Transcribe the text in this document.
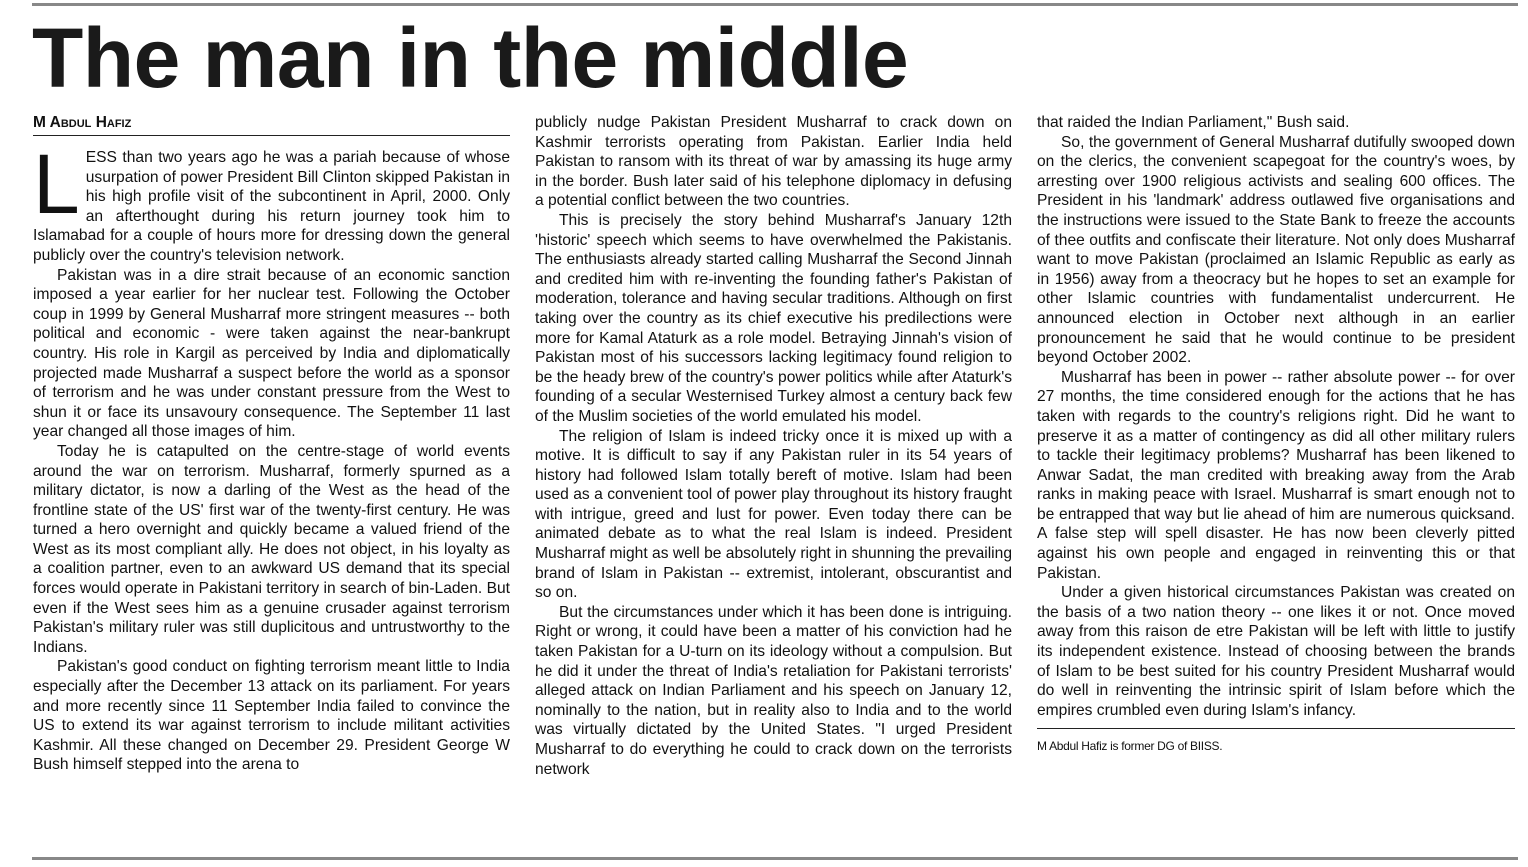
The man in the middle
M Abdul Hafiz

LESS than two years ago he was a pariah because of whose usurpation of power President Bill Clinton skipped Pakistan in his high profile visit of the subcontinent in April, 2000. Only an afterthought during his return journey took him to Islamabad for a couple of hours more for dressing down the general publicly over the country's television network.

Pakistan was in a dire strait because of an economic sanction imposed a year earlier for her nuclear test. Following the October coup in 1999 by General Musharraf more stringent measures -- both political and economic - were taken against the near-bankrupt country. His role in Kargil as perceived by India and diplomatically projected made Musharraf a suspect before the world as a sponsor of terrorism and he was under constant pressure from the West to shun it or face its unsavoury consequence. The September 11 last year changed all those images of him.

Today he is catapulted on the centre-stage of world events around the war on terrorism. Musharraf, formerly spurned as a military dictator, is now a darling of the West as the head of the frontline state of the US' first war of the twenty-first century. He was turned a hero overnight and quickly became a valued friend of the West as its most compliant ally. He does not object, in his loyalty as a coalition partner, even to an awkward US demand that its special forces would operate in Pakistani territory in search of bin-Laden. But even if the West sees him as a genuine crusader against terrorism Pakistan's military ruler was still duplicitous and untrustworthy to the Indians.

Pakistan's good conduct on fighting terrorism meant little to India especially after the December 13 attack on its parliament. For years and more recently since 11 September India failed to convince the US to extend its war against terrorism to include militant activities Kashmir. All these changed on December 29. President George W Bush himself stepped into the arena to

publicly nudge Pakistan President Musharraf to crack down on Kashmir terrorists operating from Pakistan. Earlier India held Pakistan to ransom with its threat of war by amassing its huge army in the border. Bush later said of his telephone diplomacy in defusing a potential conflict between the two countries.

This is precisely the story behind Musharraf's January 12th 'historic' speech which seems to have overwhelmed the Pakistanis. The enthusiasts already started calling Musharraf the Second Jinnah and credited him with re-inventing the founding father's Pakistan of moderation, tolerance and having secular traditions. Although on first taking over the country as its chief executive his predilections were more for Kamal Ataturk as a role model. Betraying Jinnah's vision of Pakistan most of his successors lacking legitimacy found religion to be the heady brew of the country's power politics while after Ataturk's founding of a secular Westernised Turkey almost a century back few of the Muslim societies of the world emulated his model.

The religion of Islam is indeed tricky once it is mixed up with a motive. It is difficult to say if any Pakistan ruler in its 54 years of history had followed Islam totally bereft of motive. Islam had been used as a convenient tool of power play throughout its history fraught with intrigue, greed and lust for power. Even today there can be animated debate as to what the real Islam is indeed. President Musharraf might as well be absolutely right in shunning the prevailing brand of Islam in Pakistan -- extremist, intolerant, obscurantist and so on.

But the circumstances under which it has been done is intriguing. Right or wrong, it could have been a matter of his conviction had he taken Pakistan for a U-turn on its ideology without a compulsion. But he did it under the threat of India's retaliation for Pakistani terrorists' alleged attack on Indian Parliament and his speech on January 12, nominally to the nation, but in reality also to India and to the world was virtually dictated by the United States. "I urged President Musharraf to do everything he could to crack down on the terrorists network

that raided the Indian Parliament," Bush said.

So, the government of General Musharraf dutifully swooped down on the clerics, the convenient scapegoat for the country's woes, by arresting over 1900 religious activists and sealing 600 offices. The President in his 'landmark' address outlawed five organisations and the instructions were issued to the State Bank to freeze the accounts of thee outfits and confiscate their literature. Not only does Musharraf want to move Pakistan (proclaimed an Islamic Republic as early as in 1956) away from a theocracy but he hopes to set an example for other Islamic countries with fundamentalist undercurrent. He announced election in October next although in an earlier pronouncement he said that he would continue to be president beyond October 2002.

Musharraf has been in power -- rather absolute power -- for over 27 months, the time considered enough for the actions that he has taken with regards to the country's religions right. Did he want to preserve it as a matter of contingency as did all other military rulers to tackle their legitimacy problems? Musharraf has been likened to Anwar Sadat, the man credited with breaking away from the Arab ranks in making peace with Israel. Musharraf is smart enough not to be entrapped that way but lie ahead of him are numerous quicksand. A false step will spell disaster. He has now been cleverly pitted against his own people and engaged in reinventing this or that Pakistan.

Under a given historical circumstances Pakistan was created on the basis of a two nation theory -- one likes it or not. Once moved away from this raison de etre Pakistan will be left with little to justify its independent existence. Instead of choosing between the brands of Islam to be best suited for his country President Musharraf would do well in reinventing the intrinsic spirit of Islam before which the empires crumbled even during Islam's infancy.

M Abdul Hafiz is former DG of BIISS.
